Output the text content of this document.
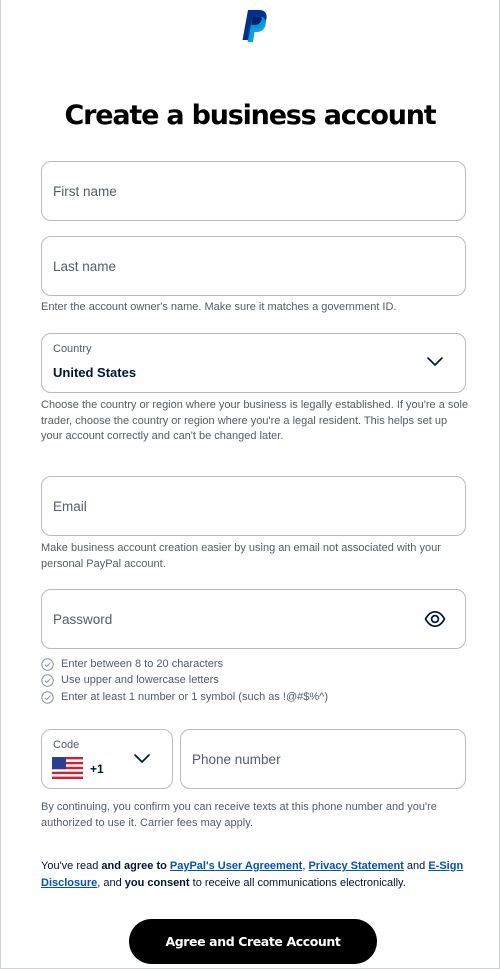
Create a business account
First name
Last name
Enter the account owner's name. Make sure it matches a government ID.
Country
United States
Choose the country or region where your business is legally established. If you're a sole trader, choose the country or region where you're a legal resident. This helps set up your account correctly and can't be changed later.
Email
Make business account creation easier by using an email not associated with your personal PayPal account.
Password
Enter between 8 to 20 characters
Use upper and lowercase letters
Enter at least 1 number or 1 symbol (such as !@#$%^)
Code
+1
Phone number
By continuing, you confirm you can receive texts at this phone number and you're authorized to use it. Carrier fees may apply.
You've read and agree to PayPal's User Agreement, Privacy Statement and E-Sign Disclosure, and you consent to receive all communications electronically.
Agree and Create Account
